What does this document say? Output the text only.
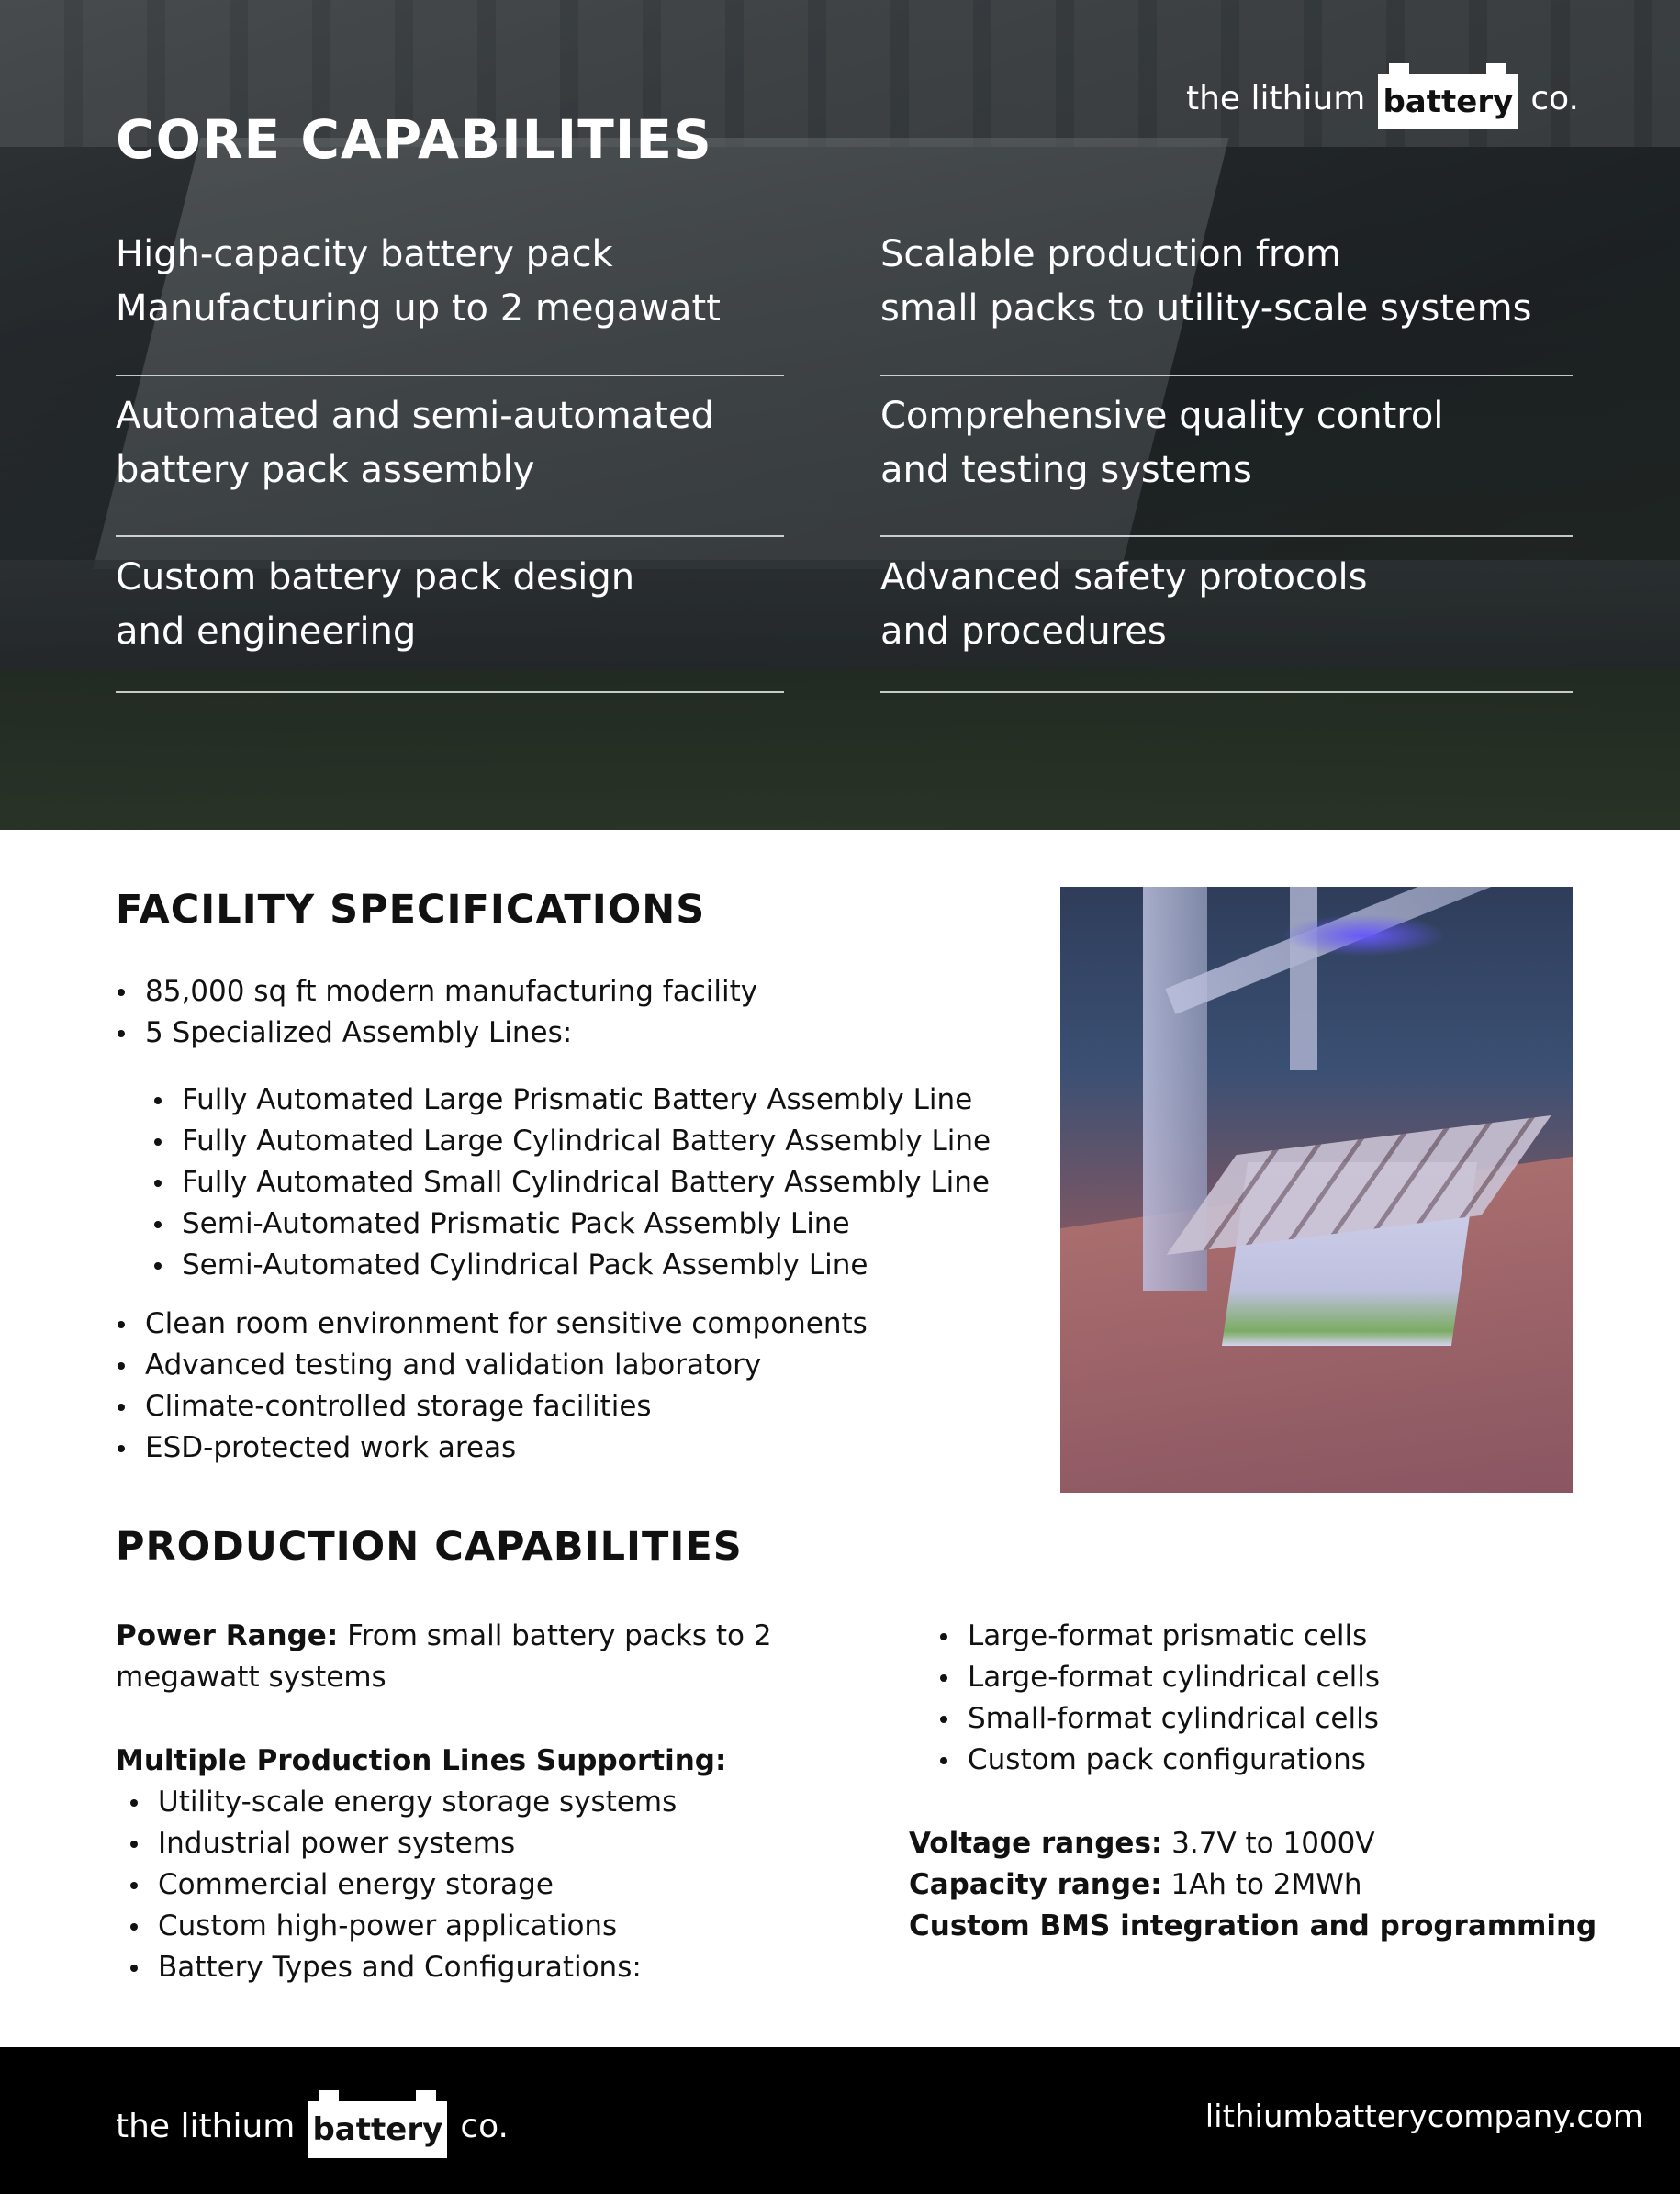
the lithium battery co.
CORE CAPABILITIES
High-capacity battery pack
Manufacturing up to 2 megawatt
Scalable production from
small packs to utility-scale systems
Automated and semi-automated
battery pack assembly
Comprehensive quality control
and testing systems
Custom battery pack design
and engineering
Advanced safety protocols
and procedures
FACILITY SPECIFICATIONS
85,000 sq ft modern manufacturing facility
5 Specialized Assembly Lines:
Fully Automated Large Prismatic Battery Assembly Line
Fully Automated Large Cylindrical Battery Assembly Line
Fully Automated Small Cylindrical Battery Assembly Line
Semi-Automated Prismatic Pack Assembly Line
Semi-Automated Cylindrical Pack Assembly Line
Clean room environment for sensitive components
Advanced testing and validation laboratory
Climate-controlled storage facilities
ESD-protected work areas
PRODUCTION CAPABILITIES
Power Range: From small battery packs to 2
megawatt systems
Multiple Production Lines Supporting:
Utility-scale energy storage systems
Industrial power systems
Commercial energy storage
Custom high-power applications
Battery Types and Configurations:
Large-format prismatic cells
Large-format cylindrical cells
Small-format cylindrical cells
Custom pack configurations
Voltage ranges: 3.7V to 1000V
Capacity range: 1Ah to 2MWh
Custom BMS integration and programming
the lithium battery co.	lithiumbatterycompany.com
